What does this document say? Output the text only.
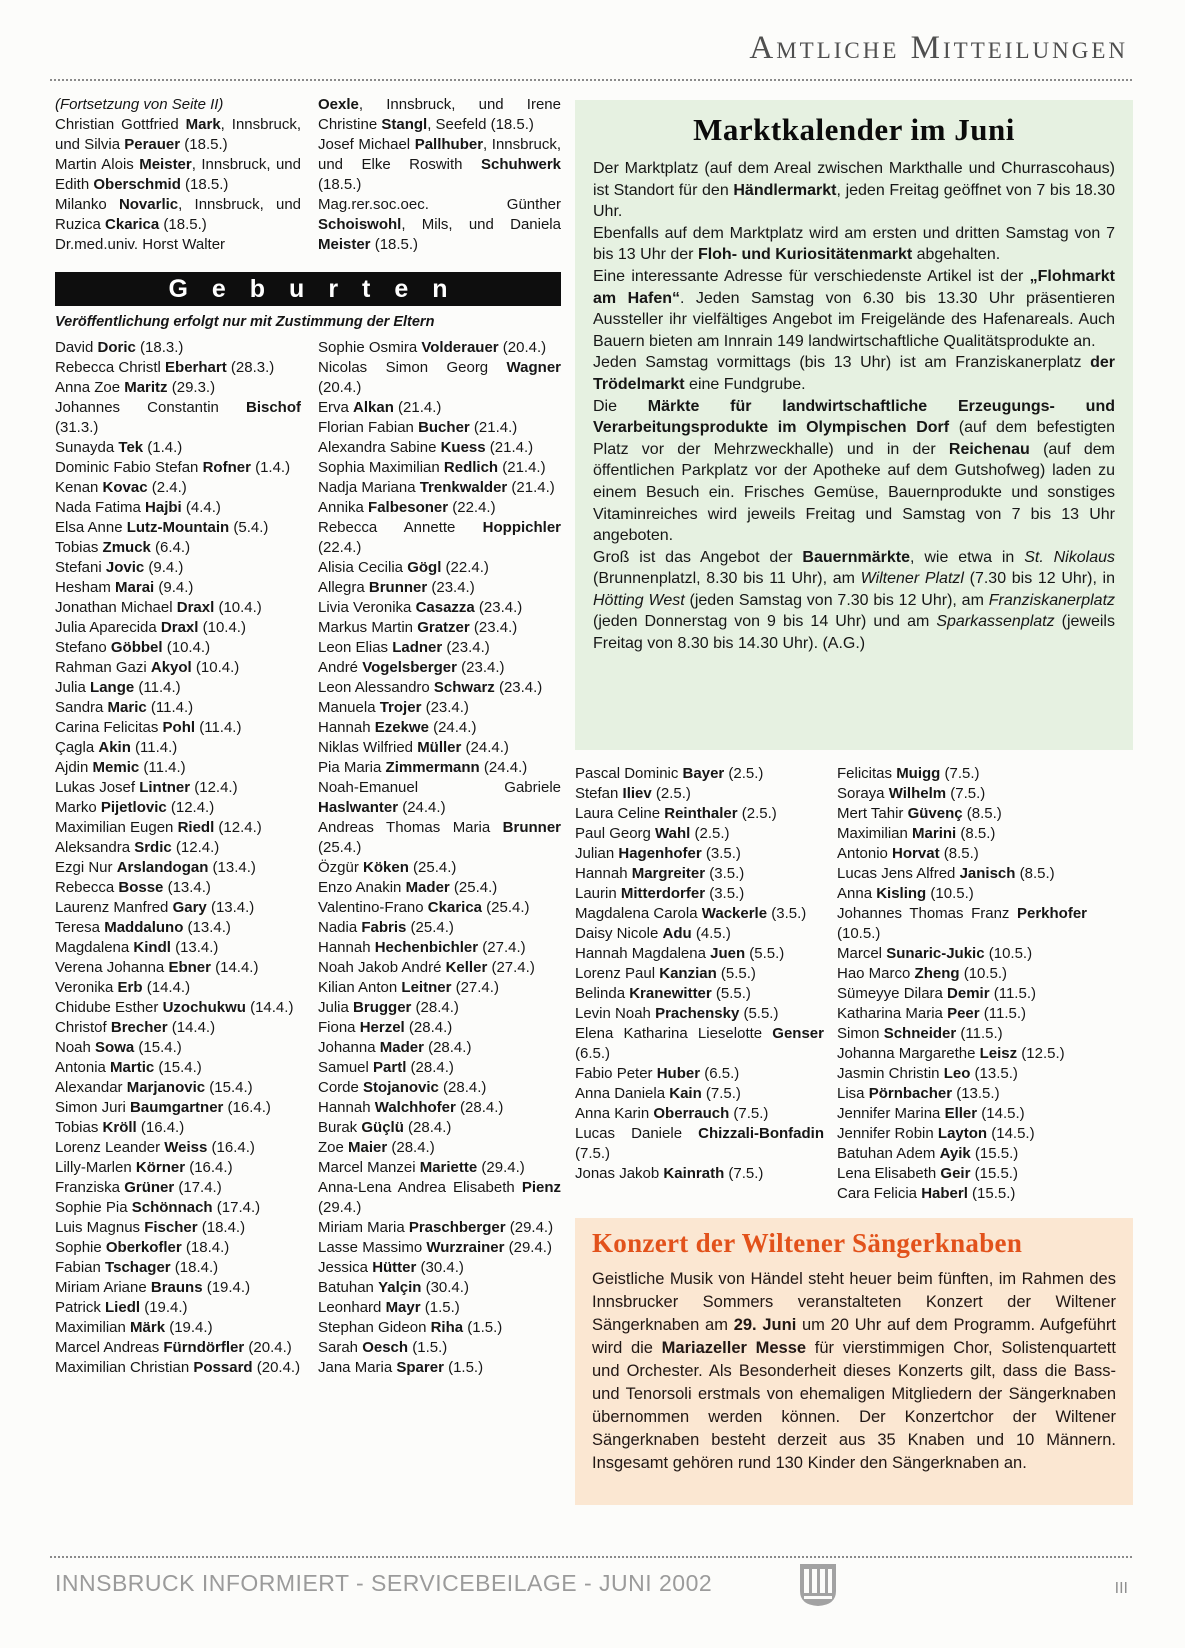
Amtliche Mitteilungen
(Fortsetzung von Seite II)
Christian Gottfried Mark, Innsbruck, und Silvia Perauer (18.5.)
Martin Alois Meister, Innsbruck, und Edith Oberschmid (18.5.)
Milanko Novarlic, Innsbruck, und Ruzica Ckarica (18.5.)
Dr.med.univ. Horst Walter
Oexle, Innsbruck, und Irene Christine Stangl, Seefeld (18.5.)
Josef Michael Pallhuber, Innsbruck, und Elke Roswith Schuhwerk (18.5.)
Mag.rer.soc.oec. Günther Schoiswohl, Mils, und Daniela Meister (18.5.)
Geburten
Veröffentlichung erfolgt nur mit Zustimmung der Eltern
David Doric (18.3.)
Rebecca Christl Eberhart (28.3.)
Anna Zoe Maritz (29.3.)
Johannes Constantin Bischof (31.3.)
Sunayda Tek (1.4.)
Dominic Fabio Stefan Rofner (1.4.)
Kenan Kovac (2.4.)
Nada Fatima Hajbi (4.4.)
Elsa Anne Lutz-Mountain (5.4.)
Tobias Zmuck (6.4.)
Stefani Jovic (9.4.)
Hesham Marai (9.4.)
Jonathan Michael Draxl (10.4.)
Julia Aparecida Draxl (10.4.)
Stefano Göbbel (10.4.)
Rahman Gazi Akyol (10.4.)
Julia Lange (11.4.)
Sandra Maric (11.4.)
Carina Felicitas Pohl (11.4.)
Çagla Akin (11.4.)
Ajdin Memic (11.4.)
Lukas Josef Lintner (12.4.)
Marko Pijetlovic (12.4.)
Maximilian Eugen Riedl (12.4.)
Aleksandra Srdic (12.4.)
Ezgi Nur Arslandogan (13.4.)
Rebecca Bosse (13.4.)
Laurenz Manfred Gary (13.4.)
Teresa Maddaluno (13.4.)
Magdalena Kindl (13.4.)
Verena Johanna Ebner (14.4.)
Veronika Erb (14.4.)
Chidube Esther Uzochukwu (14.4.)
Christof Brecher (14.4.)
Noah Sowa (15.4.)
Antonia Martic (15.4.)
Alexandar Marjanovic (15.4.)
Simon Juri Baumgartner (16.4.)
Tobias Kröll (16.4.)
Lorenz Leander Weiss (16.4.)
Lilly-Marlen Körner (16.4.)
Franziska Grüner (17.4.)
Sophie Pia Schönnach (17.4.)
Luis Magnus Fischer (18.4.)
Sophie Oberkofler (18.4.)
Fabian Tschager (18.4.)
Miriam Ariane Brauns (19.4.)
Patrick Liedl (19.4.)
Maximilian Märk (19.4.)
Marcel Andreas Fürndörfler (20.4.)
Maximilian Christian Possard (20.4.)
Sophie Osmira Volderauer (20.4.)
Nicolas Simon Georg Wagner (20.4.)
Erva Alkan (21.4.)
Florian Fabian Bucher (21.4.)
Alexandra Sabine Kuess (21.4.)
Sophia Maximilian Redlich (21.4.)
Nadja Mariana Trenkwalder (21.4.)
Annika Falbesoner (22.4.)
Rebecca Annette Hoppichler (22.4.)
Alisia Cecilia Gögl (22.4.)
Allegra Brunner (23.4.)
Livia Veronika Casazza (23.4.)
Markus Martin Gratzer (23.4.)
Leon Elias Ladner (23.4.)
André Vogelsberger (23.4.)
Leon Alessandro Schwarz (23.4.)
Manuela Trojer (23.4.)
Hannah Ezekwe (24.4.)
Niklas Wilfried Müller (24.4.)
Pia Maria Zimmermann (24.4.)
Noah-Emanuel Gabriele Haslwanter (24.4.)
Andreas Thomas Maria Brunner (25.4.)
Özgür Köken (25.4.)
Enzo Anakin Mader (25.4.)
Valentino-Frano Ckarica (25.4.)
Nadia Fabris (25.4.)
Hannah Hechenbichler (27.4.)
Noah Jakob André Keller (27.4.)
Kilian Anton Leitner (27.4.)
Julia Brugger (28.4.)
Fiona Herzel (28.4.)
Johanna Mader (28.4.)
Samuel Partl (28.4.)
Corde Stojanovic (28.4.)
Hannah Walchhofer (28.4.)
Burak Güçlü (28.4.)
Zoe Maier (28.4.)
Marcel Manzei Mariette (29.4.)
Anna-Lena Andrea Elisabeth Pienz (29.4.)
Miriam Maria Praschberger (29.4.)
Lasse Massimo Wurzrainer (29.4.)
Jessica Hütter (30.4.)
Batuhan Yalçin (30.4.)
Leonhard Mayr (1.5.)
Stephan Gideon Riha (1.5.)
Sarah Oesch (1.5.)
Jana Maria Sparer (1.5.)
Pascal Dominic Bayer (2.5.)
Stefan Iliev (2.5.)
Laura Celine Reinthaler (2.5.)
Paul Georg Wahl (2.5.)
Julian Hagenhofer (3.5.)
Hannah Margreiter (3.5.)
Laurin Mitterdorfer (3.5.)
Magdalena Carola Wackerle (3.5.)
Daisy Nicole Adu (4.5.)
Hannah Magdalena Juen (5.5.)
Lorenz Paul Kanzian (5.5.)
Belinda Kranewitter (5.5.)
Levin Noah Prachensky (5.5.)
Elena Katharina Lieselotte Genser (6.5.)
Fabio Peter Huber (6.5.)
Anna Daniela Kain (7.5.)
Anna Karin Oberrauch (7.5.)
Lucas Daniele Chizzali-Bonfadin (7.5.)
Jonas Jakob Kainrath (7.5.)
Felicitas Muigg (7.5.)
Soraya Wilhelm (7.5.)
Mert Tahir Güvenç (8.5.)
Maximilian Marini (8.5.)
Antonio Horvat (8.5.)
Lucas Jens Alfred Janisch (8.5.)
Anna Kisling (10.5.)
Johannes Thomas Franz Perkhofer (10.5.)
Marcel Sunaric-Jukic (10.5.)
Hao Marco Zheng (10.5.)
Sümeyye Dilara Demir (11.5.)
Katharina Maria Peer (11.5.)
Simon Schneider (11.5.)
Johanna Margarethe Leisz (12.5.)
Jasmin Christin Leo (13.5.)
Lisa Pörnbacher (13.5.)
Jennifer Marina Eller (14.5.)
Jennifer Robin Layton (14.5.)
Batuhan Adem Ayik (15.5.)
Lena Elisabeth Geir (15.5.)
Cara Felicia Haberl (15.5.)
Marktkalender im Juni
Der Marktplatz (auf dem Areal zwischen Markthalle und Churrascohaus) ist Standort für den Händlermarkt, jeden Freitag geöffnet von 7 bis 18.30 Uhr.
Ebenfalls auf dem Marktplatz wird am ersten und dritten Samstag von 7 bis 13 Uhr der Floh- und Kuriositätenmarkt abgehalten.
Eine interessante Adresse für verschiedenste Artikel ist der „Flohmarkt am Hafen“. Jeden Samstag von 6.30 bis 13.30 Uhr präsentieren Aussteller ihr vielfältiges Angebot im Freigelände des Hafenareals. Auch Bauern bieten am Innrain 149 landwirtschaftliche Qualitätsprodukte an.
Jeden Samstag vormittags (bis 13 Uhr) ist am Franziskanerplatz der Trödelmarkt eine Fundgrube.
Die Märkte für landwirtschaftliche Erzeugungs- und Verarbeitungsprodukte im Olympischen Dorf (auf dem befestigten Platz vor der Mehrzweckhalle) und in der Reichenau (auf dem öffentlichen Parkplatz vor der Apotheke auf dem Gutshofweg) laden zu einem Besuch ein. Frisches Gemüse, Bauernprodukte und sonstiges Vitaminreiches wird jeweils Freitag und Samstag von 7 bis 13 Uhr angeboten.
Groß ist das Angebot der Bauernmärkte, wie etwa in St. Nikolaus (Brunnenplatzl, 8.30 bis 11 Uhr), am Wiltener Platzl (7.30 bis 12 Uhr), in Hötting West (jeden Samstag von 7.30 bis 12 Uhr), am Franziskanerplatz (jeden Donnerstag von 9 bis 14 Uhr) und am Sparkassenplatz (jeweils Freitag von 8.30 bis 14.30 Uhr). (A.G.)
Konzert der Wiltener Sängerknaben
Geistliche Musik von Händel steht heuer beim fünften, im Rahmen des Innsbrucker Sommers veranstalteten Konzert der Wiltener Sängerknaben am 29. Juni um 20 Uhr auf dem Programm. Aufgeführt wird die Mariazeller Messe für vierstimmigen Chor, Solistenquartett und Orchester. Als Besonderheit dieses Konzerts gilt, dass die Bass- und Tenorsoli erstmals von ehemaligen Mitgliedern der Sängerknaben übernommen werden können. Der Konzertchor der Wiltener Sängerknaben besteht derzeit aus 35 Knaben und 10 Männern. Insgesamt gehören rund 130 Kinder den Sängerknaben an.
INNSBRUCK INFORMIERT - SERVICEBEILAGE - JUNI 2002	III
